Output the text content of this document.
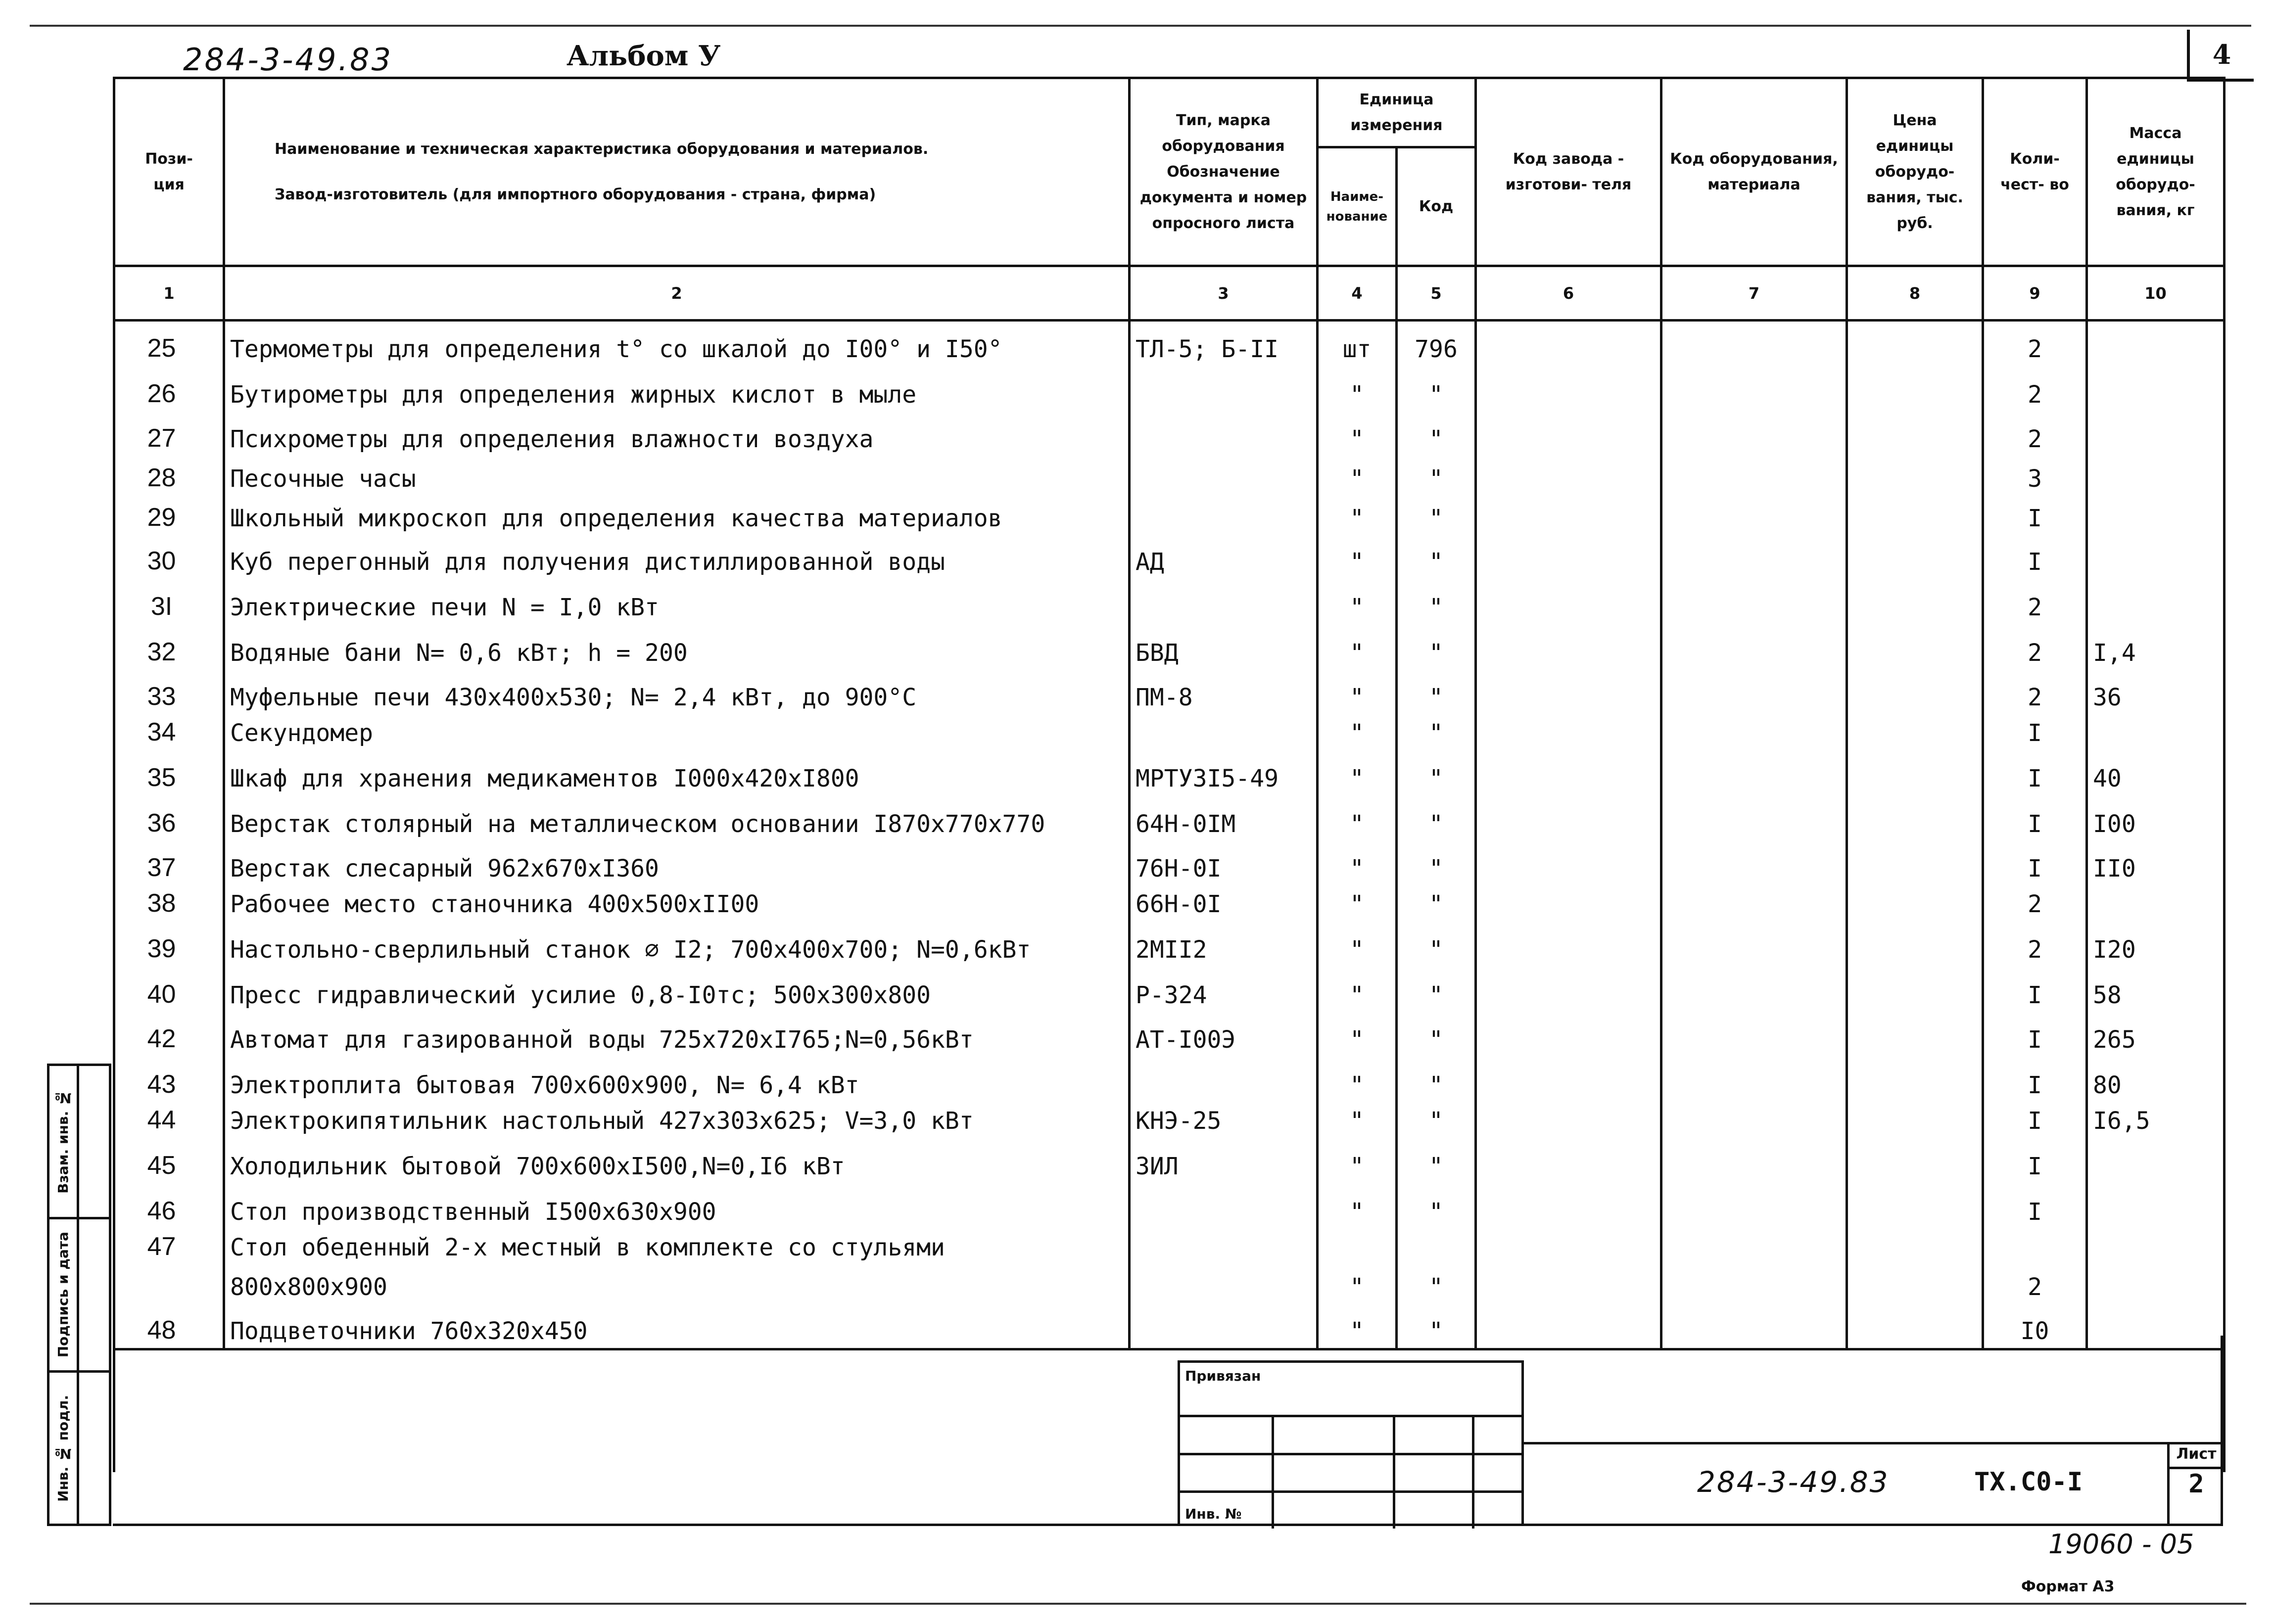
284-3-49.83	Альбом У	4
Пози-
ция	Наименование и техническая характеристика оборудования и материалов.
Завод-изготовитель (для импортного оборудования - страна, фирма)	Тип, марка оборудования Обозначение документа и номер опросного листа	Единица измерения		Код завода - изготови- теля	Код оборудования, материала	Цена единицы оборудо- вания, тыс. руб.	Коли- чест- во	Масса единицы оборудо- вания, кг
			Наиме-нование	Код					
1	2	3	4	5	6	7	8	9	10
25	Термометры для определения t° со шкалой до I00° и I50°	ТЛ-5; Б-II	шт	796				2	
26	Бутирометры для определения жирных кислот в мыле		"	"				2	
27	Психрометры для определения влажности воздуха		"	"				2	
28	Песочные часы		"	"				3	
29	Школьный микроскоп для определения качества материалов		"	"				I	
30	Куб перегонный для получения дистиллированной воды	АД	"	"				I	
3I	Электрические печи N = I,0 кВт		"	"				2	
32	Водяные бани N= 0,6 кВт; h = 200	БВД	"	"				2	I,4
33	Муфельные печи 430x400x530; N= 2,4 кВт, до 900°С	ПМ-8	"	"				2	36
34	Секундомер		"	"				I	
35	Шкаф для хранения медикаментов I000x420xI800	МРТУ3I5-49	"	"				I	40
36	Верстак столярный на металлическом основании I870x770x770	64Н-0IМ	"	"				I	I00
37	Верстак слесарный 962x670xI360	76Н-0I	"	"				I	II0
38	Рабочее место станочника 400x500xII00	66Н-0I	"	"				2	
39	Настольно-сверлильный станок ∅ I2; 700x400x700; N=0,6кВт	2МII2	"	"				2	I20
40	Пресс гидравлический усилие 0,8-I0тс; 500x300x800	Р-324	"	"				I	58
42	Автомат для газированной воды 725x720xI765;N=0,56кВт	АТ-I00Э	"	"				I	265
43	Электроплита бытовая 700x600x900, N= 6,4 кВт		"	"				I	80
44	Электрокипятильник настольный 427x303x625; V=3,0 кВт	КНЭ-25	"	"				I	I6,5
45	Холодильник бытовой 700x600xI500,N=0,I6 кВт	ЗИЛ	"	"				I	
46	Стол производственный I500x630x900		"	"				I	
47	Стол обеденный 2-х местный в комплекте со стульями								
	800x800x900		"	"				2	
48	Подцветочники 760x320x450		"	"				I0	

Взам. инв. №
Подпись и дата
Инв. № подл.
Привязан
Инв. №
284-3-49.83	ТХ.С0-I
Лист
2
19060 - 05
Формат А3
